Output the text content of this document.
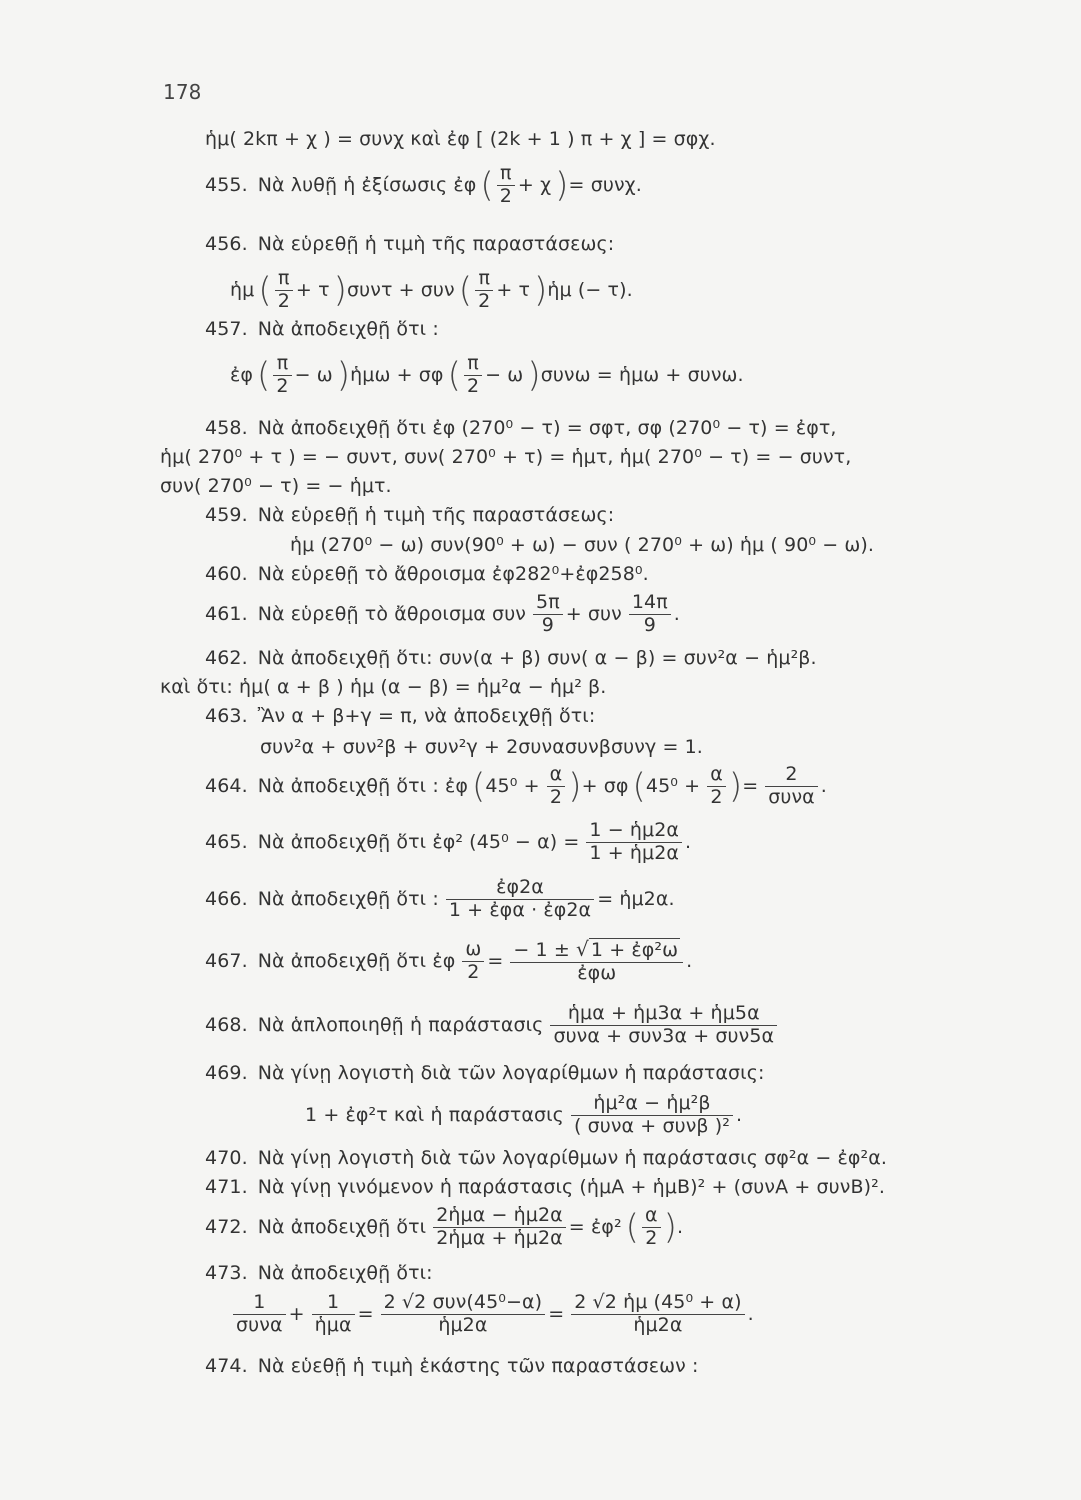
178
ἡμ( 2kπ + χ ) = συνχ καὶ ἐφ [ (2k + 1 ) π + χ ] = σφχ.
455. Νὰ λυθῇ ἡ ἐξίσωσις ἐφ ( $\frac{\pi}{2} + \chi$ )= συνχ.
456. Νὰ εὑρεθῇ ἡ τιμὴ τῆς παραστάσεως:
ἡμ ( $\frac{\pi}{2} + \tau$ )συντ + συν ( $\frac{\pi}{2} + \tau$ )ἡμ (− τ).
457. Νὰ ἀποδειχθῇ ὅτι :
ἐφ ( $\frac{\pi}{2} - \omega$ )ἡμω + σφ ( $\frac{\pi}{2} - \omega$ )συνω = ἡμω + συνω.
458. Νὰ ἀποδειχθῇ ὅτι ἐφ (270⁰ − τ) = σφτ, σφ (270⁰ − τ) = ἐφτ,
ἡμ( 270⁰ + τ ) = − συντ, συν( 270⁰ + τ) = ἡμτ, ἡμ( 270⁰ − τ) = − συντ,
συν( 270⁰ − τ) = − ἡμτ.
459. Νὰ εὑρεθῇ ἡ τιμὴ τῆς παραστάσεως:
ἡμ (270⁰ − ω) συν(90⁰ + ω) − συν ( 270⁰ + ω) ἡμ ( 90⁰ − ω).
460. Νὰ εὑρεθῇ τὸ ἄθροισμα ἐφ282⁰+ἐφ258⁰.
461. Νὰ εὑρεθῇ τὸ ἄθροισμα συν $\frac{5\pi}{9} + \sigma\upsilon\nu \frac{14\pi}{9}$ .
462. Νὰ ἀποδειχθῇ ὅτι: συν(α + β) συν( α − β) = συν²α − ἡμ²β.
καὶ ὅτι: ἡμ( α + β ) ἡμ (α − β) = ἡμ²α − ἡμ² β.
463. Ἂν α + β+γ = π, νὰ ἀποδειχθῇ ὅτι:
συν²α + συν²β + συν²γ + 2συνασυνβσυνγ = 1.
464. Νὰ ἀποδειχθῇ ὅτι : ἐφ ($45^0 + \frac{\alpha}{2}$ )+ σφ ($45^0 + \frac{\alpha}{2}$ )= $\frac{2}{\text{συνα}}$ .
465. Νὰ ἀποδειχθῇ ὅτι ἐφ² $(45^0 - \alpha) = \frac{\text{1 − ἡμ2α}}{\text{1 + ἡμ2α}}$ .
466. Νὰ ἀποδειχθῇ ὅτι : $\frac{\text{ἐφ2α}}{\text{1 + ἐφα · ἐφ2α}}$ = ἡμ2α.
467. Νὰ ἀποδειχθῇ ὅτι ἐφ $\frac{\omega}{2} = \frac{\text{− 1 ± √ 1 + ἐφ²ω}}{\text{ἐφω}}$ .
468. Νὰ ἁπλοποιηθῇ ἡ παράστασις $\frac{\text{ἡμα + ἡμ3α + ἡμ5α}}{\text{συνα + συν3α + συν5α}}$
469. Νὰ γίνῃ λογιστὴ διὰ τῶν λογαρίθμων ἡ παράστασις:
1 + ἐφ²τ καὶ ἡ παράστασις $\frac{\text{ἡμ²α − ἡμ²β}}{\text{( συνα + συνβ )²}}$ .
470. Νὰ γίνῃ λογιστὴ διὰ τῶν λογαρίθμων ἡ παράστασις σφ²α − ἐφ²α.
471. Νὰ γίνῃ γινόμενον ἡ παράστασις (ἡμΑ + ἡμΒ)² + (συνΑ + συνΒ)².
472. Νὰ ἀποδειχθῇ ὅτι $\frac{\text{2ἡμα − ἡμ2α}}{\text{2ἡμα + ἡμ2α}}$ = ἐφ² ( $\frac{\alpha}{2}$ ).
473. Νὰ ἀποδειχθῇ ὅτι:
$\frac{1}{\text{συνα}} + \frac{1}{\text{ἡμα}} = \frac{\text{2 √2 συν(45⁰−α)}}{\text{ἡμ2α}} = \frac{\text{2 √2 ἡμ (45⁰ + α)}}{\text{ἡμ2α}}$ .
474. Νὰ εὑεθῇ ἡ τιμὴ ἑκάστης τῶν παραστάσεων :
